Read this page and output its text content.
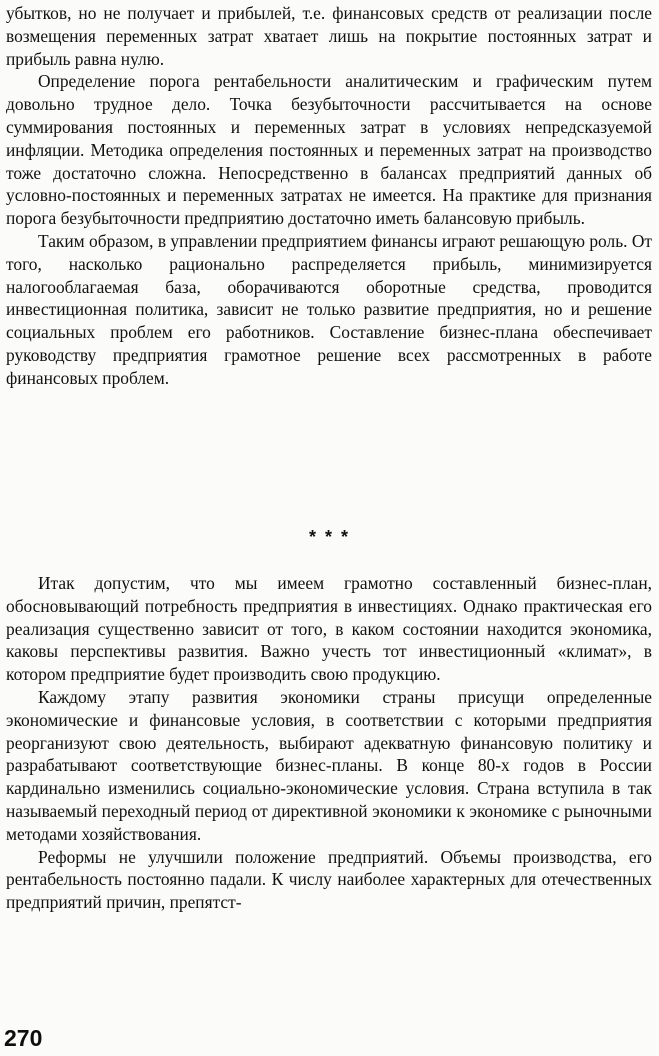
убытков, но не получает и прибылей, т.е. финансовых средств от реализации после возмещения переменных затрат хватает лишь на покрытие постоянных затрат и прибыль равна нулю.

Определение порога рентабельности аналитическим и графическим путем довольно трудное дело. Точка безубыточности рассчитывается на основе суммирования постоянных и переменных затрат в условиях непредсказуемой инфляции. Методика определения постоянных и переменных затрат на производство тоже достаточно сложна. Непосредственно в балансах предприятий данных об условно-постоянных и переменных затратах не имеется. На практике для признания порога безубыточности предприятию достаточно иметь балансовую прибыль.

Таким образом, в управлении предприятием финансы играют решающую роль. От того, насколько рационально распределяется прибыль, минимизируется налогооблагаемая база, оборачиваются оборотные средства, проводится инвестиционная политика, зависит не только развитие предприятия, но и решение социальных проблем его работников. Составление бизнес-плана обеспечивает руководству предприятия грамотное решение всех рассмотренных в работе финансовых проблем.

* * *

Итак допустим, что мы имеем грамотно составленный бизнес-план, обосновывающий потребность предприятия в инвестициях. Однако практическая его реализация существенно зависит от того, в каком состоянии находится экономика, каковы перспективы развития. Важно учесть тот инвестиционный «климат», в котором предприятие будет производить свою продукцию.

Каждому этапу развития экономики страны присущи определенные экономические и финансовые условия, в соответствии с которыми предприятия реорганизуют свою деятельность, выбирают адекватную финансовую политику и разрабатывают соответствующие бизнес-планы. В конце 80-х годов в России кардинально изменились социально-экономические условия. Страна вступила в так называемый переходный период от директивной экономики к экономике с рыночными методами хозяйствования.

Реформы не улучшили положение предприятий. Объемы производства, его рентабельность постоянно падали. К числу наиболее характерных для отечественных предприятий причин, препятст-

270
